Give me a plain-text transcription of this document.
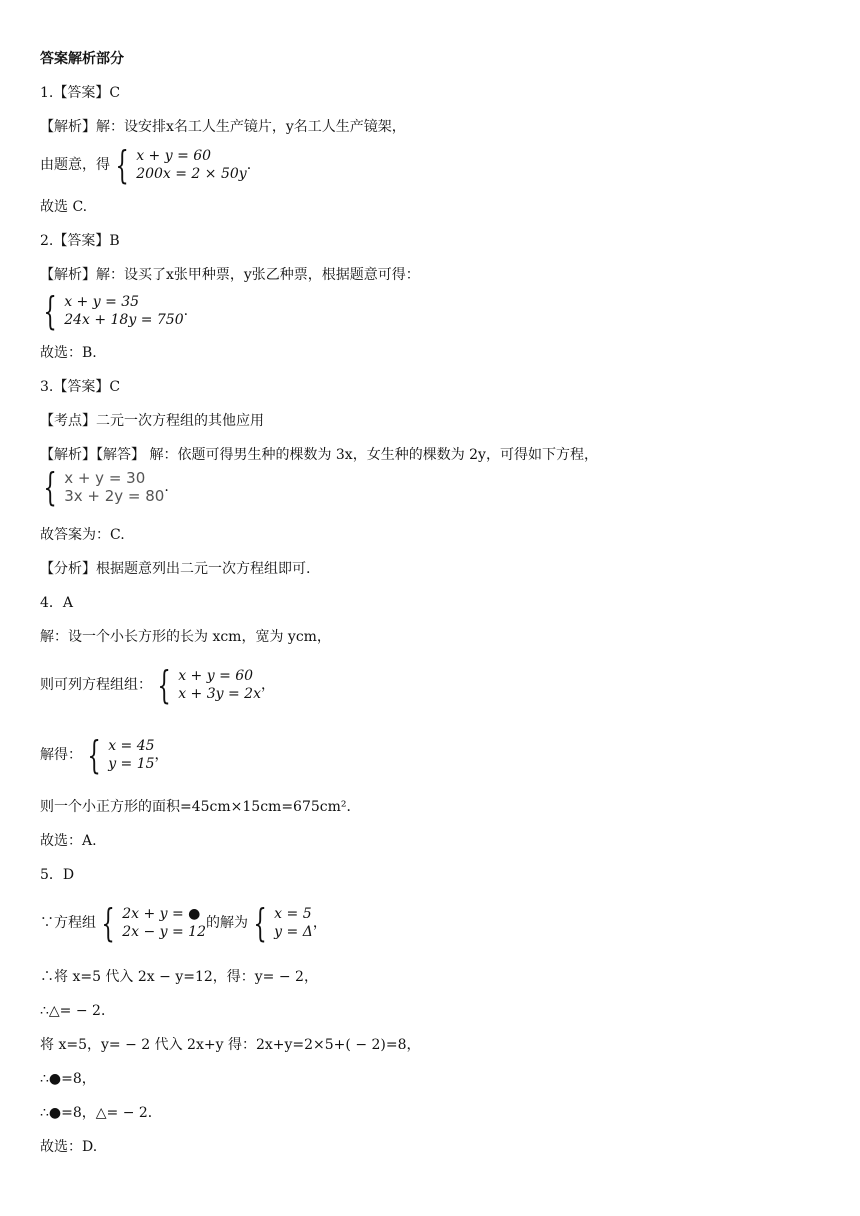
答案解析部分
1.【答案】C
【解析】解：设安排x名工人生产镜片，y名工人生产镜架，
由题意，得 { x + y = 60
200x = 2 × 50y
.
故选 C.
2.【答案】B
【解析】解：设买了x张甲种票，y张乙种票，根据题意可得：
{ x + y = 35
24x + 18y = 750
.
故选：B.
3.【答案】C
【考点】二元一次方程组的其他应用
【解析】【解答】 解：依题可得男生种的棵数为 3x，女生种的棵数为 2y，可得如下方程，
{ x + y = 30
3x + 2y = 80 .
故答案为：C.
【分析】根据题意列出二元一次方程组即可.
4．A
解：设一个小长方形的长为 xcm，宽为 ycm，
则可列方程组组： { x + y = 60
x + 3y = 2x
，
解得： { x = 45
y = 15
，
则一个小正方形的面积=45cm×15cm=675cm²．
故选：A.
5．D
∵方程组 { 2x + y = ●
2x − y = 12
的解为 { x = 5
y = Δ
，
∴将 x=5 代入 2x − y=12，得：y= − 2，
∴△= − 2．
将 x=5，y= − 2 代入 2x+y 得：2x+y=2×5+( − 2)=8，
∴●=8，
∴●=8，△= − 2．
故选：D.
